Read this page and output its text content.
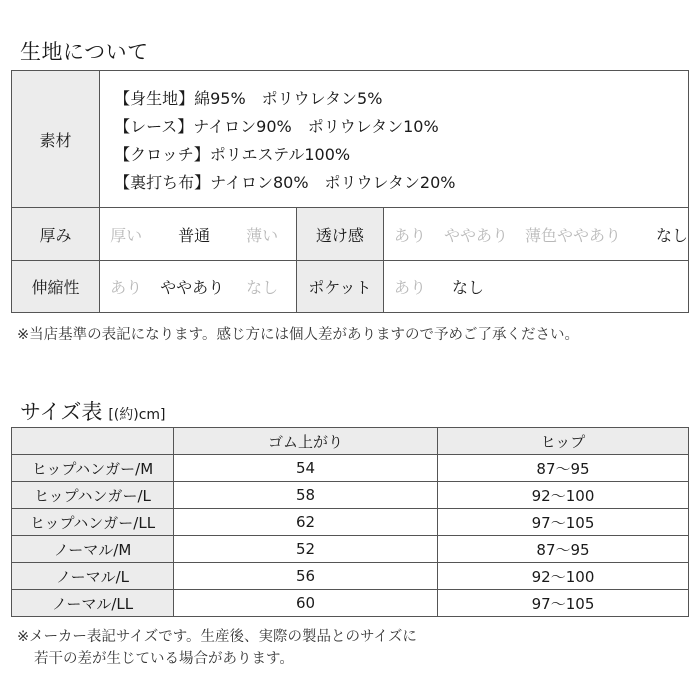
生地について
素材	【身生地】綿95%　ポリウレタン5%
【レース】ナイロン90%　ポリウレタン10%
【クロッチ】ポリエステル100%
【裏打ち布】ナイロン80%　ポリウレタン20%		

厚み	厚い 普通 薄い	透け感	あり ややあり 薄色ややあり なし
伸縮性	あり ややあり なし	ポケット	あり なし
※当店基準の表記になります。感じ方には個人差がありますので予めご了承ください。
サイズ表 [(約)cm]
	ゴム上がり	ヒップ
ヒップハンガー/M	54	87〜95
ヒップハンガー/L	58	92〜100
ヒップハンガー/LL	62	97〜105
ノーマル/M	52	87〜95
ノーマル/L	56	92〜100
ノーマル/LL	60	97〜105
※メーカー表記サイズです。生産後、実際の製品とのサイズに
若干の差が生じている場合があります。
